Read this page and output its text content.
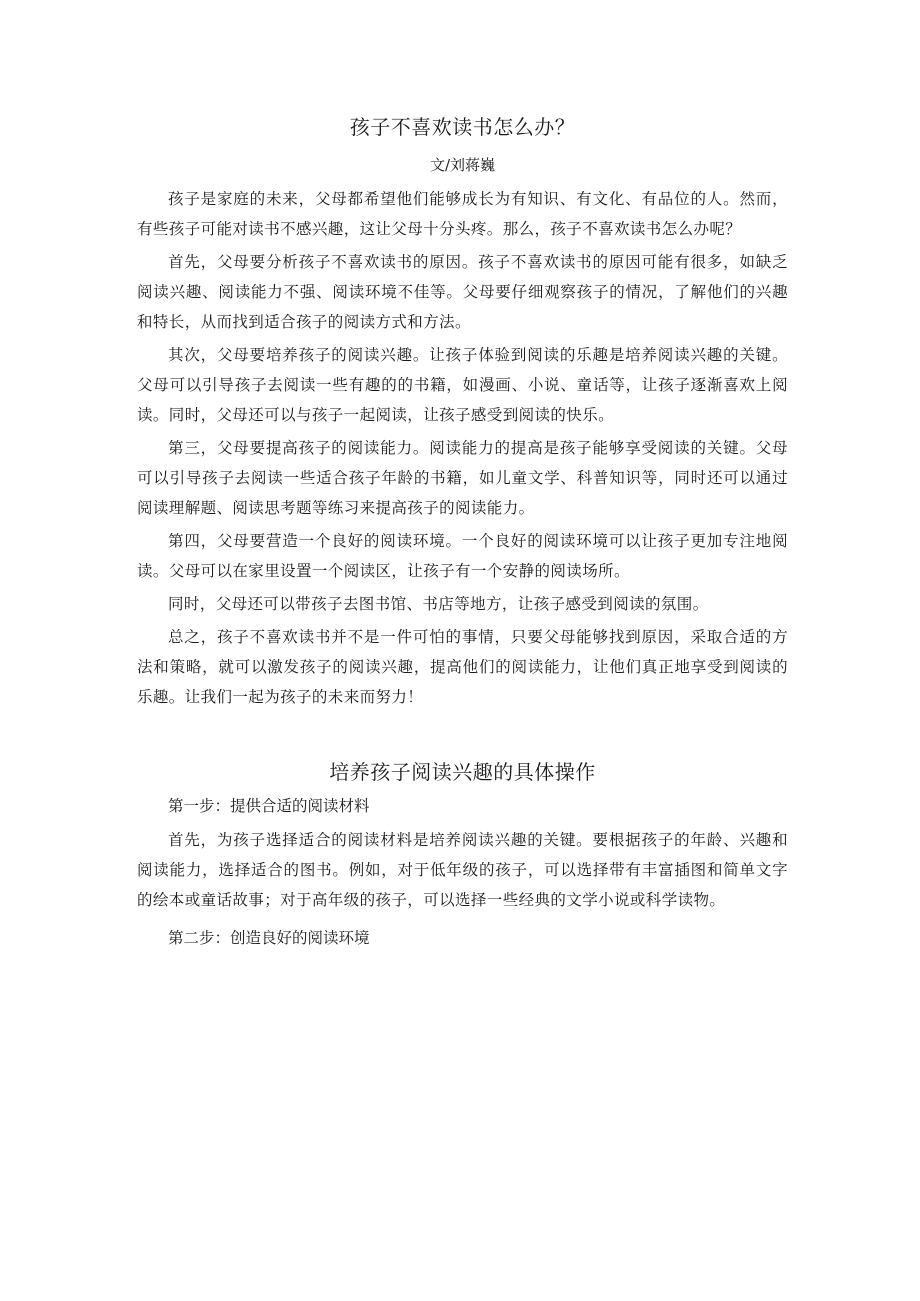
孩子不喜欢读书怎么办？
文/刘蒋巍

孩子是家庭的未来，父母都希望他们能够成长为有知识、有文化、有品位的人。然而，有些孩子可能对读书不感兴趣，这让父母十分头疼。那么，孩子不喜欢读书怎么办呢？

首先，父母要分析孩子不喜欢读书的原因。孩子不喜欢读书的原因可能有很多，如缺乏阅读兴趣、阅读能力不强、阅读环境不佳等。父母要仔细观察孩子的情况，了解他们的兴趣和特长，从而找到适合孩子的阅读方式和方法。

其次，父母要培养孩子的阅读兴趣。让孩子体验到阅读的乐趣是培养阅读兴趣的关键。父母可以引导孩子去阅读一些有趣的的书籍，如漫画、小说、童话等，让孩子逐渐喜欢上阅读。同时，父母还可以与孩子一起阅读，让孩子感受到阅读的快乐。

第三，父母要提高孩子的阅读能力。阅读能力的提高是孩子能够享受阅读的关键。父母可以引导孩子去阅读一些适合孩子年龄的书籍，如儿童文学、科普知识等，同时还可以通过阅读理解题、阅读思考题等练习来提高孩子的阅读能力。

第四，父母要营造一个良好的阅读环境。一个良好的阅读环境可以让孩子更加专注地阅读。父母可以在家里设置一个阅读区，让孩子有一个安静的阅读场所。

同时，父母还可以带孩子去图书馆、书店等地方，让孩子感受到阅读的氛围。

总之，孩子不喜欢读书并不是一件可怕的事情，只要父母能够找到原因，采取合适的方法和策略，就可以激发孩子的阅读兴趣，提高他们的阅读能力，让他们真正地享受到阅读的乐趣。让我们一起为孩子的未来而努力！

培养孩子阅读兴趣的具体操作

第一步：提供合适的阅读材料

首先，为孩子选择适合的阅读材料是培养阅读兴趣的关键。要根据孩子的年龄、兴趣和阅读能力，选择适合的图书。例如，对于低年级的孩子，可以选择带有丰富插图和简单文字的绘本或童话故事；对于高年级的孩子，可以选择一些经典的文学小说或科学读物。

第二步：创造良好的阅读环境
